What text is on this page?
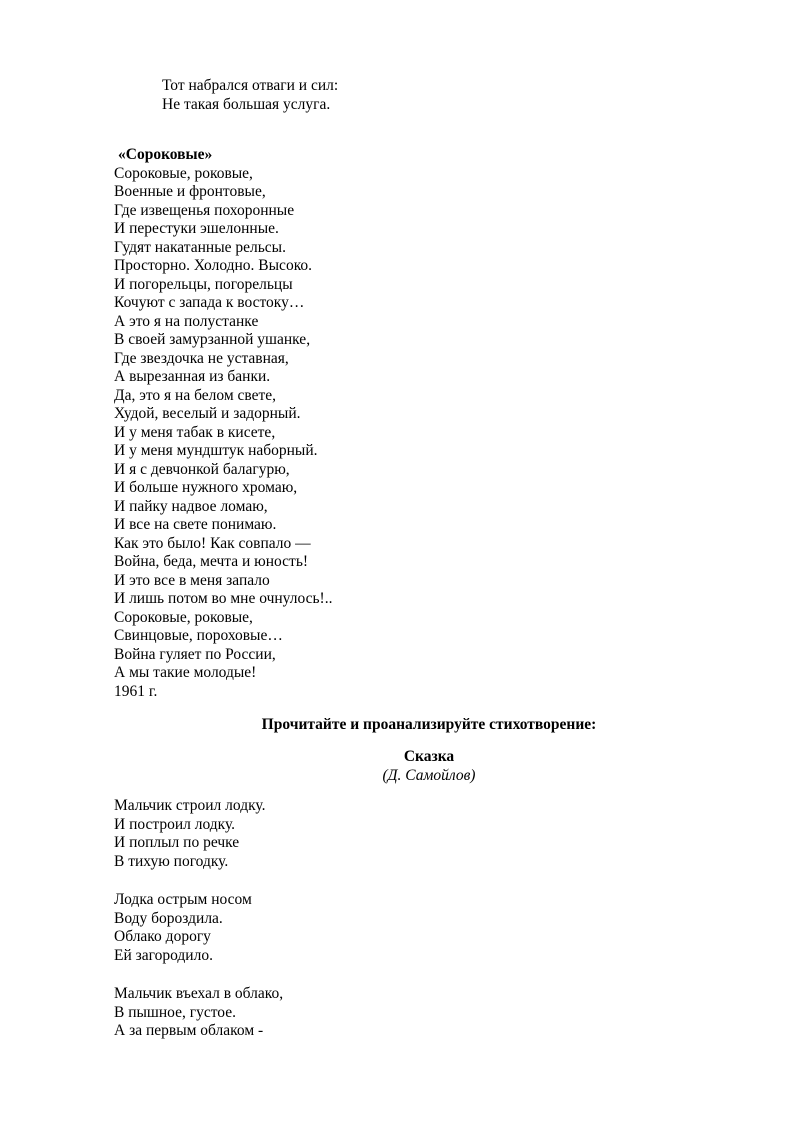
Тот набрался отваги и сил:
Не такая большая услуга.
«Сороковые»
Сороковые, роковые,
Военные и фронтовые,
Где извещенья похоронные
И перестуки эшелонные.
Гудят накатанные рельсы.
Просторно. Холодно. Высоко.
И погорельцы, погорельцы
Кочуют с запада к востоку…
А это я на полустанке
В своей замурзанной ушанке,
Где звездочка не уставная,
А вырезанная из банки.
Да, это я на белом свете,
Худой, веселый и задорный.
И у меня табак в кисете,
И у меня мундштук наборный.
И я с девчонкой балагурю,
И больше нужного хромаю,
И пайку надвое ломаю,
И все на свете понимаю.
Как это было! Как совпало —
Война, беда, мечта и юность!
И это все в меня запало
И лишь потом во мне очнулось!..
Сороковые, роковые,
Свинцовые, пороховые…
Война гуляет по России,
А мы такие молодые!
1961 г.
Прочитайте и проанализируйте стихотворение:
Сказка
(Д. Самойлов)
Мальчик строил лодку.
И построил лодку.
И поплыл по речке
В тихую погодку.
Лодка острым носом
Воду бороздила.
Облако дорогу
Ей загородило.
Мальчик въехал в облако,
В пышное, густое.
А за первым облаком -
